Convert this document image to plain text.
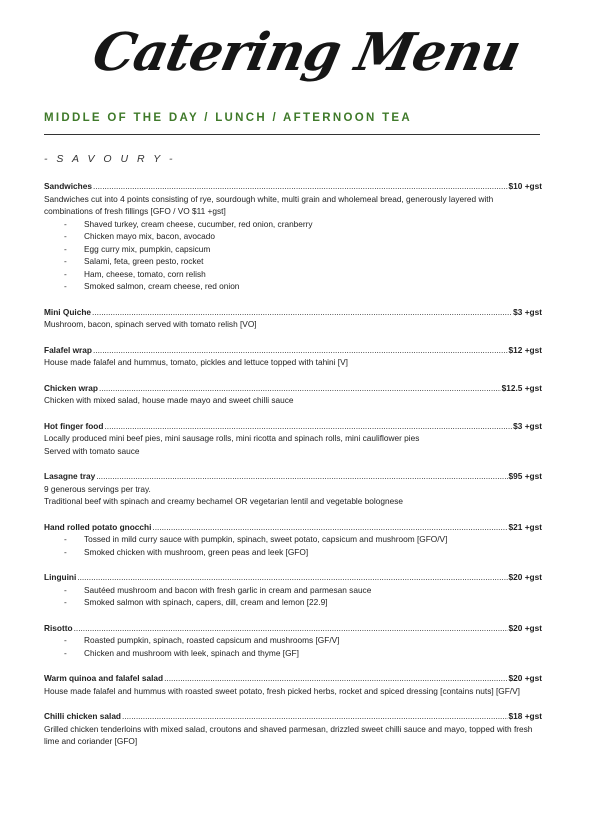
Catering Menu
MIDDLE OF THE DAY / LUNCH / AFTERNOON TEA
- S A V O U R Y -
Sandwiches .....	$10 +gst

Sandwiches cut into 4 points consisting of rye, sourdough white, multi grain and wholemeal bread, generously layered with combinations of fresh fillings [GFO / VO $11 +gst]

- Shaved turkey, cream cheese, cucumber, red onion, cranberry
- Chicken mayo mix, bacon, avocado
- Egg curry mix, pumpkin, capsicum
- Salami, feta, green pesto, rocket
- Ham, cheese, tomato, corn relish
- Smoked salmon, cream cheese, red onion
Mini Quiche .....	$3 +gst

Mushroom, bacon, spinach served with tomato relish [VO]

Falafel wrap .....	$12 +gst

House made falafel and hummus, tomato, pickles and lettuce topped with tahini [V]

Chicken wrap .....	$12.5 +gst

Chicken with mixed salad, house made mayo and sweet chilli sauce

Hot finger food .....	$3 +gst

Locally produced mini beef pies, mini sausage rolls, mini ricotta and spinach rolls, mini cauliflower pies

Served with tomato sauce

Lasagne tray .....	$95 +gst

9 generous servings per tray.

Traditional beef with spinach and creamy bechamel OR vegetarian lentil and vegetable bolognese

Hand rolled potato gnocchi .....	$21 +gst
- Tossed in mild curry sauce with pumpkin, spinach, sweet potato, capsicum and mushroom [GFO/V]
- Smoked chicken with mushroom, green peas and leek [GFO]
Linguini .....	$20 +gst
- Sautéed mushroom and bacon with fresh garlic in cream and parmesan sauce
- Smoked salmon with spinach, capers, dill, cream and lemon [22.9]
Risotto .....	$20 +gst
- Roasted pumpkin, spinach, roasted capsicum and mushrooms [GF/V]
- Chicken and mushroom with leek, spinach and thyme [GF]
Warm quinoa and falafel salad .....	$20 +gst

House made falafel and hummus with roasted sweet potato, fresh picked herbs, rocket and spiced dressing [contains nuts] [GF/V]

Chilli chicken salad .....	$18 +gst

Grilled chicken tenderloins with mixed salad, croutons and shaved parmesan, drizzled sweet chilli sauce and mayo, topped with fresh lime and coriander [GFO]
